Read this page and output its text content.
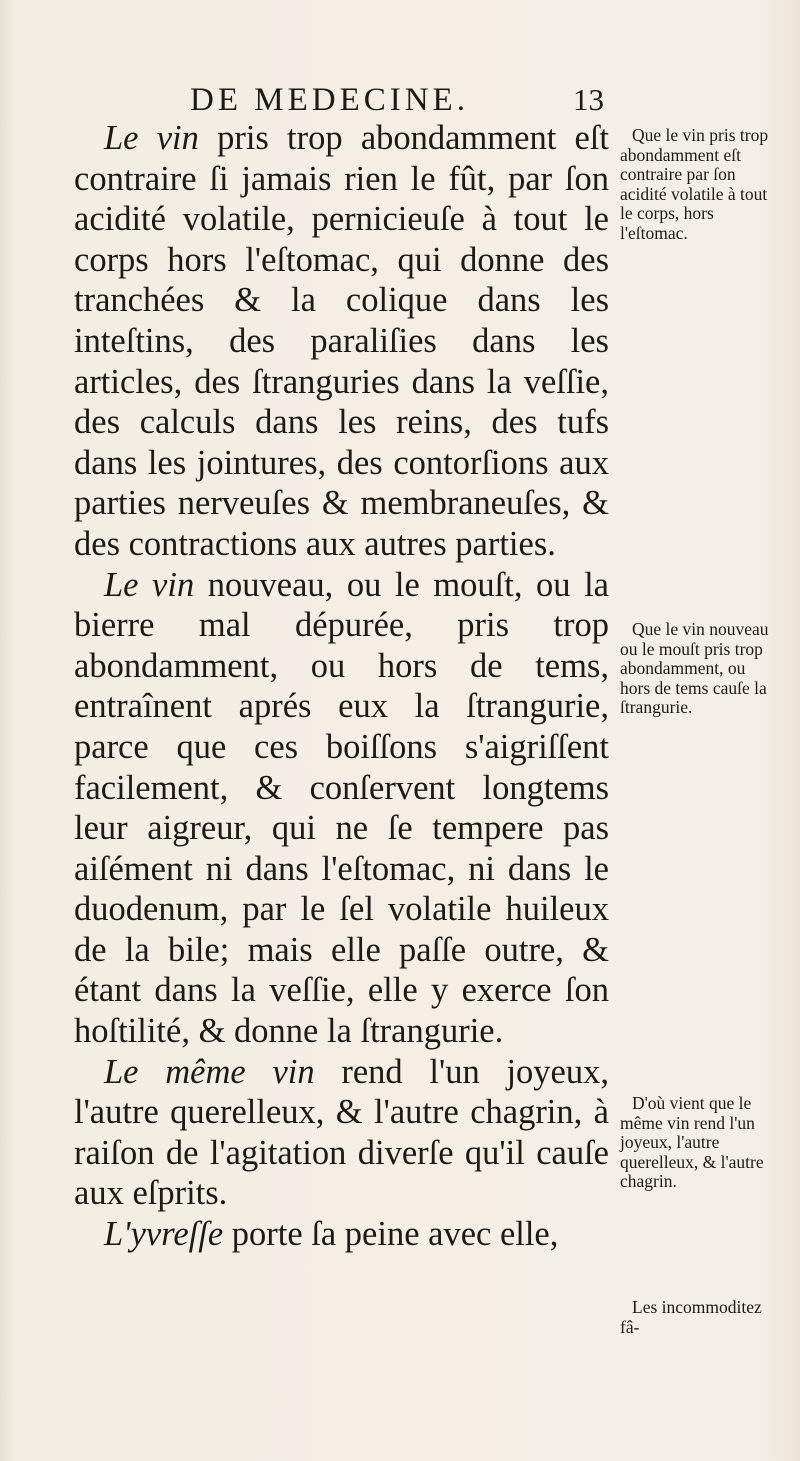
DE MEDECINE.	13

Le vin pris trop abondamment eſt contraire ſi jamais rien le fût, par ſon acidité volatile, pernicieuſe à tout le corps hors l'eſtomac, qui donne des tranchées & la colique dans les inteſtins, des paraliſies dans les articles, des ſtranguries dans la veſſie, des calculs dans les reins, des tufs dans les jointures, des contorſions aux parties nerveuſes & membraneuſes, & des contractions aux autres parties.

Le vin nouveau, ou le mouſt, ou la bierre mal dépurée, pris trop abondamment, ou hors de tems, entraînent aprés eux la ſtrangurie, parce que ces boiſſons s'aigriſſent facilement, & conſervent longtems leur aigreur, qui ne ſe tempere pas aiſément ni dans l'eſtomac, ni dans le duodenum, par le ſel volatile huileux de la bile; mais elle paſſe outre, & étant dans la veſſie, elle y exerce ſon hoſtilité, & donne la ſtrangurie.

Le même vin rend l'un joyeux, l'autre querelleux, & l'autre chagrin, à raiſon de l'agitation diverſe qu'il cauſe aux eſprits.

L'yvreſſe porte ſa peine avec elle,

Que le vin pris trop abondamment eſt contraire par ſon acidité volatile à tout le corps, hors l'eſtomac.
Que le vin nouveau ou le mouſt pris trop abondamment, ou hors de tems cauſe la ſtrangurie.
D'où vient que le même vin rend l'un joyeux, l'autre querelleux, & l'autre chagrin.
Les incommoditez fâ-
